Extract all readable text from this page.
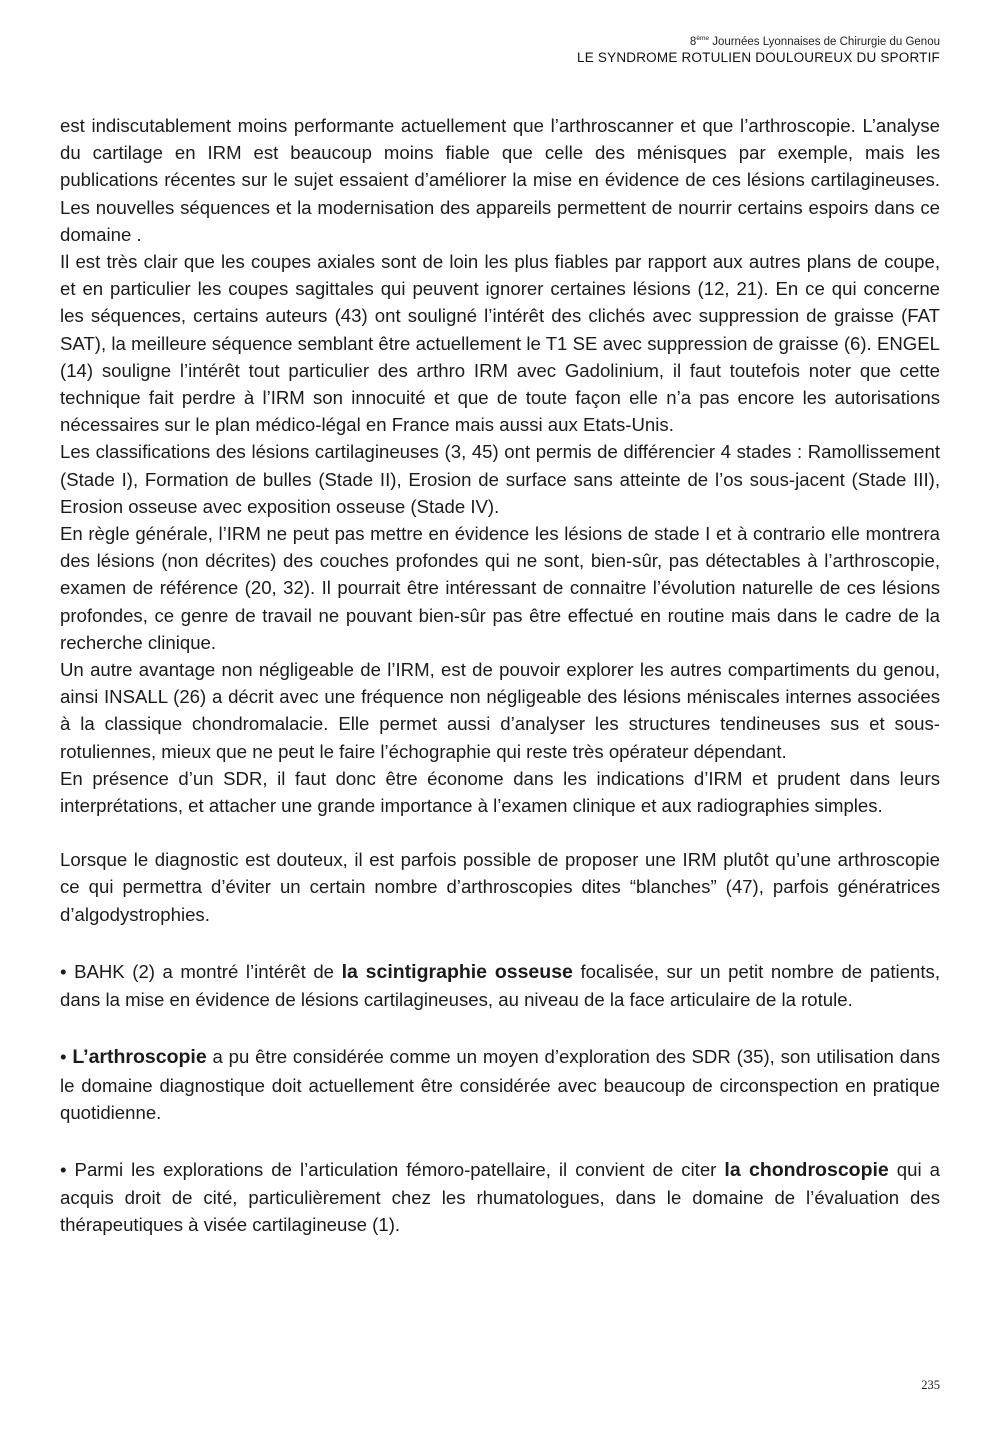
8ème Journées Lyonnaises de Chirurgie du Genou
LE SYNDROME ROTULIEN DOULOUREUX DU SPORTIF

est indiscutablement moins performante actuellement que l’arthroscanner et que l’arthroscopie. L’analyse du cartilage en IRM est beaucoup moins fiable que celle des ménisques par exemple, mais les publications récentes sur le sujet essaient d’améliorer la mise en évidence de ces lésions cartilagineuses. Les nouvelles séquences et la modernisation des appareils permettent de nourrir certains espoirs dans ce domaine .

Il est très clair que les coupes axiales sont de loin les plus fiables par rapport aux autres plans de coupe, et en particulier les coupes sagittales qui peuvent ignorer certaines lésions (12, 21). En ce qui concerne les séquences, certains auteurs (43) ont souligné l’intérêt des clichés avec suppression de graisse (FAT SAT), la meilleure séquence semblant être actuellement le T1 SE avec suppression de graisse (6). ENGEL (14) souligne l’intérêt tout particulier des arthro IRM avec Gadolinium, il faut toutefois noter que cette technique fait perdre à l’IRM son innocuité et que de toute façon elle n’a pas encore les autorisations nécessaires sur le plan médico-légal en France mais aussi aux Etats-Unis.

Les classifications des lésions cartilagineuses (3, 45) ont permis de différencier 4 stades : Ramollissement (Stade I), Formation de bulles (Stade II), Erosion de surface sans atteinte de l’os sous-jacent (Stade III), Erosion osseuse avec exposition osseuse (Stade IV).

En règle générale, l’IRM ne peut pas mettre en évidence les lésions de stade I et à contrario elle montrera des lésions (non décrites) des couches profondes qui ne sont, bien-sûr, pas détectables à l’arthroscopie, examen de référence (20, 32). Il pourrait être intéressant de connaitre l’évolution naturelle de ces lésions profondes, ce genre de travail ne pouvant bien-sûr pas être effectué en routine mais dans le cadre de la recherche clinique.

Un autre avantage non négligeable de l’IRM, est de pouvoir explorer les autres compartiments du genou, ainsi INSALL (26) a décrit avec une fréquence non négligeable des lésions méniscales internes associées à la classique chondromalacie. Elle permet aussi d’analyser les structures tendineuses sus et sous-rotuliennes, mieux que ne peut le faire l’échographie qui reste très opérateur dépendant.

En présence d’un SDR, il faut donc être économe dans les indications d’IRM et prudent dans leurs interprétations, et attacher une grande importance à l’examen clinique et aux radiographies simples.

Lorsque le diagnostic est douteux, il est parfois possible de proposer une IRM plutôt qu’une arthroscopie ce qui permettra d’éviter un certain nombre d’arthroscopies dites “blanches” (47), parfois génératrices d’algodystrophies.

• BAHK (2) a montré l’intérêt de la scintigraphie osseuse focalisée, sur un petit nombre de patients, dans la mise en évidence de lésions cartilagineuses, au niveau de la face articulaire de la rotule.

• L’arthroscopie a pu être considérée comme un moyen d’exploration des SDR (35), son utilisation dans le domaine diagnostique doit actuellement être considérée avec beaucoup de circonspection en pratique quotidienne.

• Parmi les explorations de l’articulation fémoro-patellaire, il convient de citer la chondroscopie qui a acquis droit de cité, particulièrement chez les rhumatologues, dans le domaine de l’évaluation des thérapeutiques à visée cartilagineuse (1).

235
